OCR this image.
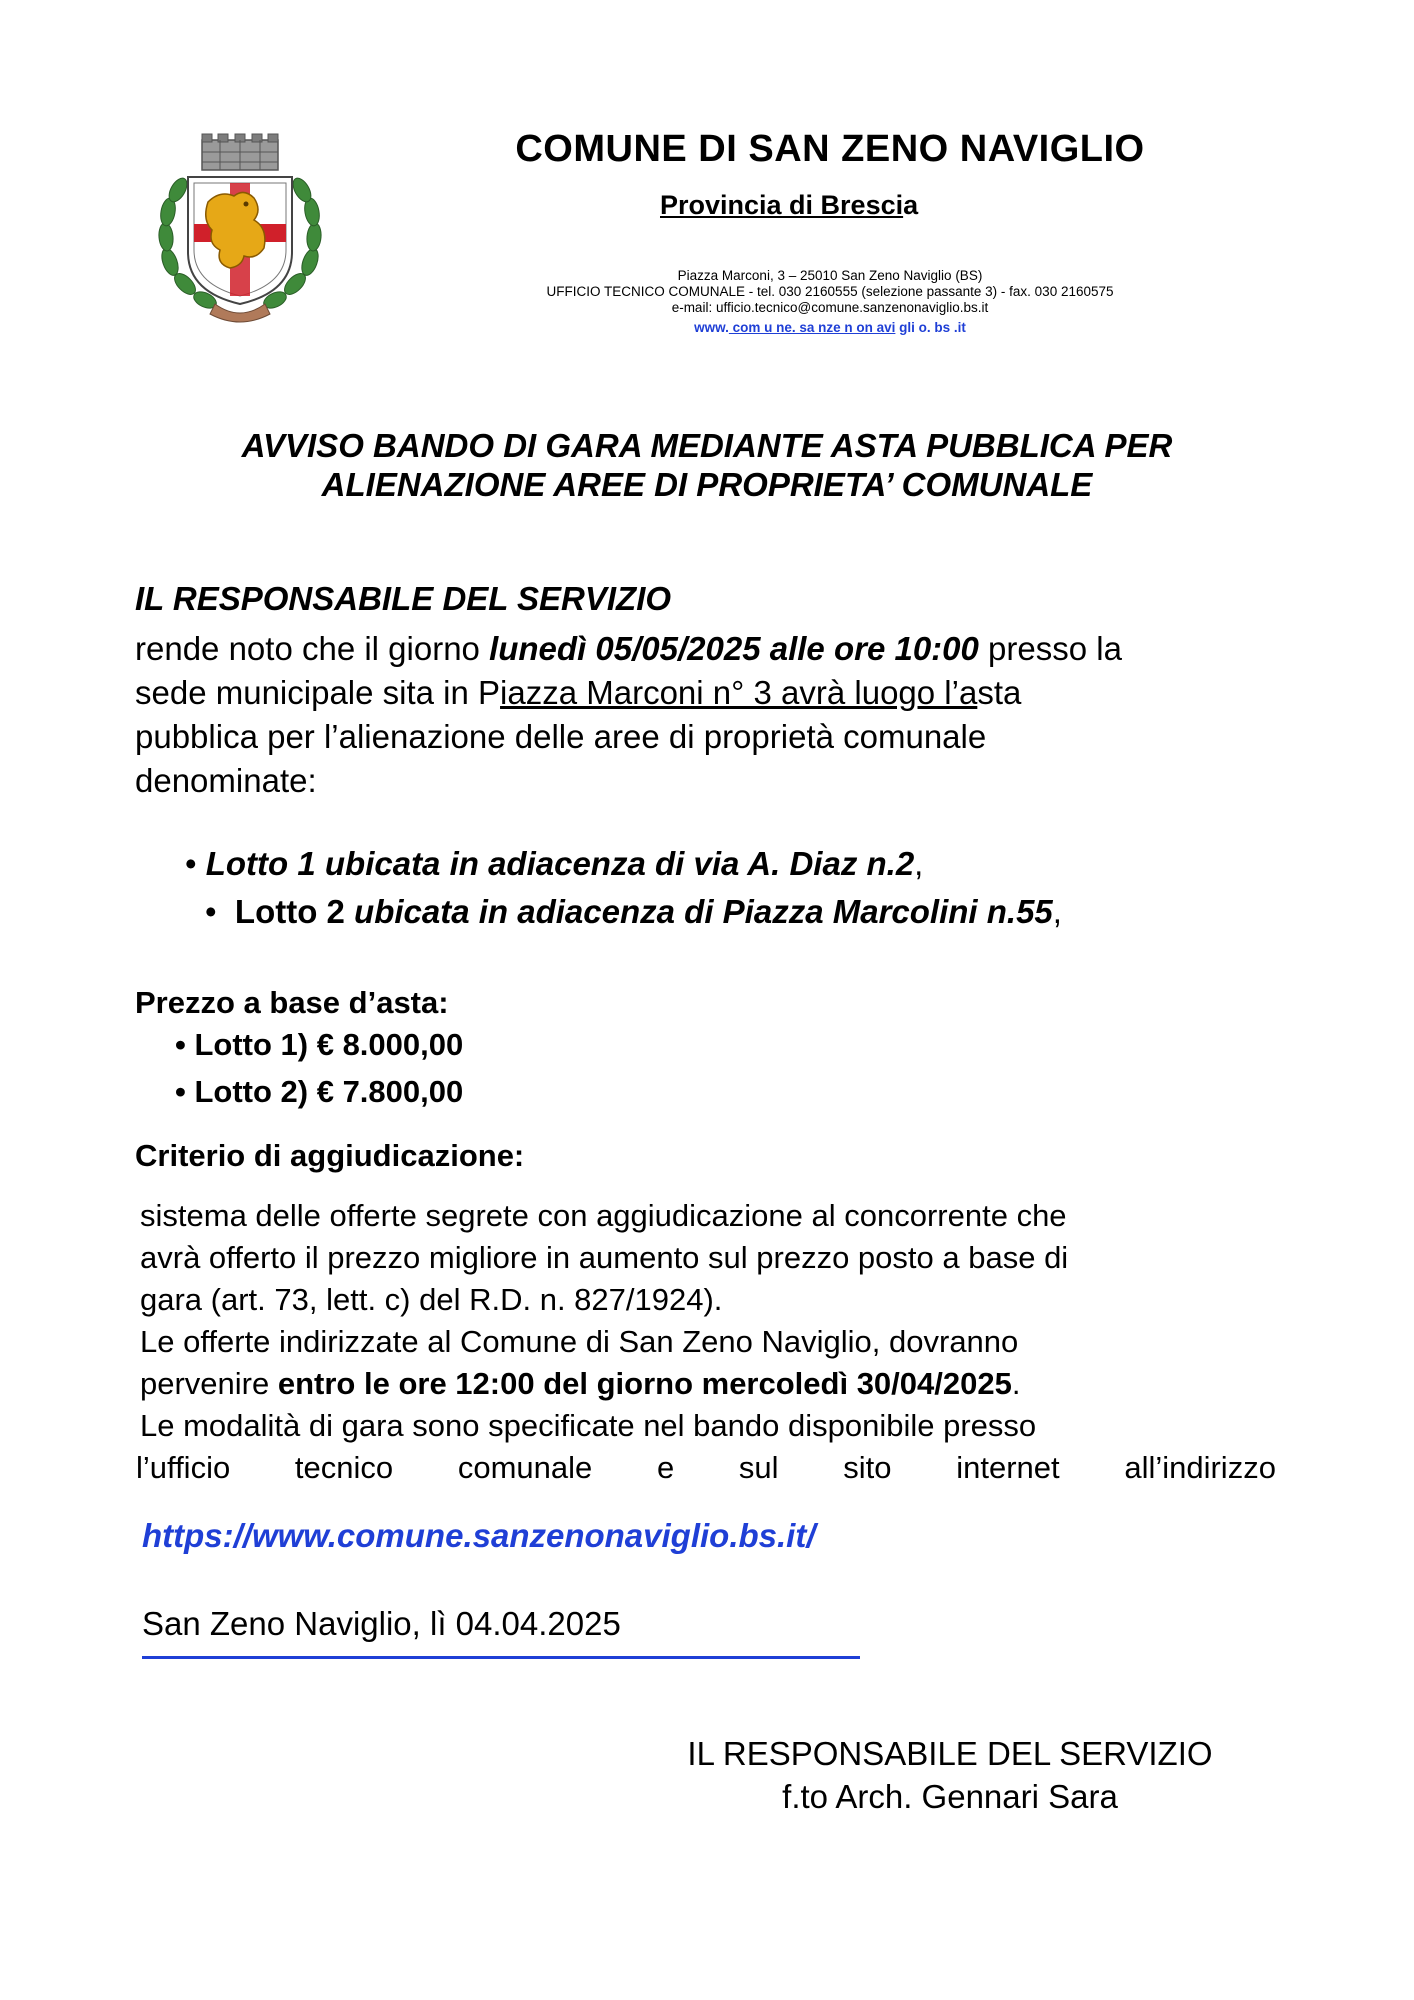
COMUNE DI SAN ZENO NAVIGLIO
Provincia di Brescia
Piazza Marconi, 3 – 25010 San Zeno Naviglio (BS)
UFFICIO TECNICO COMUNALE - tel. 030 2160555 (selezione passante 3) - fax. 030 2160575
e-mail: ufficio.tecnico@comune.sanzenonaviglio.bs.it
www. com u ne. sa nze n on avi gli o. bs .it
AVVISO BANDO DI GARA MEDIANTE ASTA PUBBLICA PER
ALIENAZIONE AREE DI PROPRIETA’ COMUNALE
IL RESPONSABILE DEL SERVIZIO
rende noto che il giorno lunedì 05/05/2025 alle ore 10:00 presso la
sede municipale sita in Piazza Marconi n° 3 avrà luogo l’asta
pubblica per l’alienazione delle aree di proprietà comunale
denominate:
• Lotto 1 ubicata in adiacenza di via A. Diaz n.2,
• Lotto 2 ubicata in adiacenza di Piazza Marcolini n.55,
Prezzo a base d’asta:
• Lotto 1) € 8.000,00
• Lotto 2) € 7.800,00
Criterio di aggiudicazione:
sistema delle offerte segrete con aggiudicazione al concorrente che
avrà offerto il prezzo migliore in aumento sul prezzo posto a base di
gara (art. 73, lett. c) del R.D. n. 827/1924).
Le offerte indirizzate al Comune di San Zeno Naviglio, dovranno
pervenire entro le ore 12:00 del giorno mercoledì 30/04/2025.
Le modalità di gara sono specificate nel bando disponibile presso
l’ufficio tecnico comunale e sul sito internet all’indirizzo
https://www.comune.sanzenonaviglio.bs.it/
San Zeno Naviglio, lì 04.04.2025
IL RESPONSABILE DEL SERVIZIO
f.to Arch. Gennari Sara
